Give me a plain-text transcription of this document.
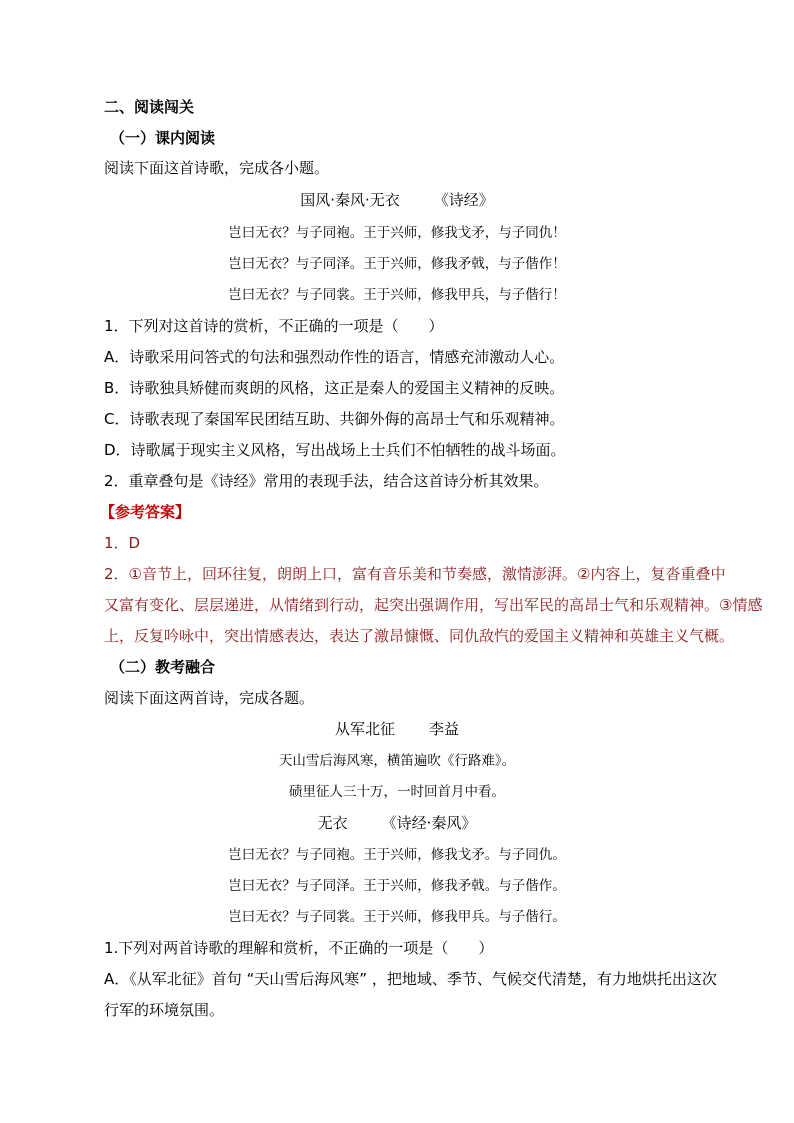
二、阅读闯关
（一）课内阅读
阅读下面这首诗歌，完成各小题。
国风·秦风·无衣 《诗经》
岂曰无衣？与子同袍。王于兴师，修我戈矛，与子同仇！
岂曰无衣？与子同泽。王于兴师，修我矛戟，与子偕作！
岂曰无衣？与子同裳。王于兴师，修我甲兵，与子偕行！
1．下列对这首诗的赏析，不正确的一项是（　　）
A．诗歌采用问答式的句法和强烈动作性的语言，情感充沛激动人心。
B．诗歌独具矫健而爽朗的风格，这正是秦人的爱国主义精神的反映。
C．诗歌表现了秦国军民团结互助、共御外侮的高昂士气和乐观精神。
D．诗歌属于现实主义风格，写出战场上士兵们不怕牺牲的战斗场面。
2．重章叠句是《诗经》常用的表现手法，结合这首诗分析其效果。
【参考答案】
1．D
2．①音节上，回环往复，朗朗上口，富有音乐美和节奏感，激情澎湃。②内容上，复沓重叠中
又富有变化、层层递进，从情绪到行动，起突出强调作用，写出军民的高昂士气和乐观精神。③情感
上，反复吟咏中，突出情感表达，表达了激昂慷慨、同仇敌忾的爱国主义精神和英雄主义气概。
（二）教考融合
阅读下面这两首诗，完成各题。
从军北征 李益
天山雪后海风寒，横笛遍吹《行路难》。
碛里征人三十万，一时回首月中看。
无衣 《诗经·秦风》
岂曰无衣？与子同袍。王于兴师，修我戈矛。与子同仇。
岂曰无衣？与子同泽。王于兴师，修我矛戟。与子偕作。
岂曰无衣？与子同裳。王于兴师，修我甲兵。与子偕行。
1.下列对两首诗歌的理解和赏析，不正确的一项是（　　）
A．《从军北征》首句 “天山雪后海风寒” ，把地域、季节、气候交代清楚，有力地烘托出这次
行军的环境氛围。
